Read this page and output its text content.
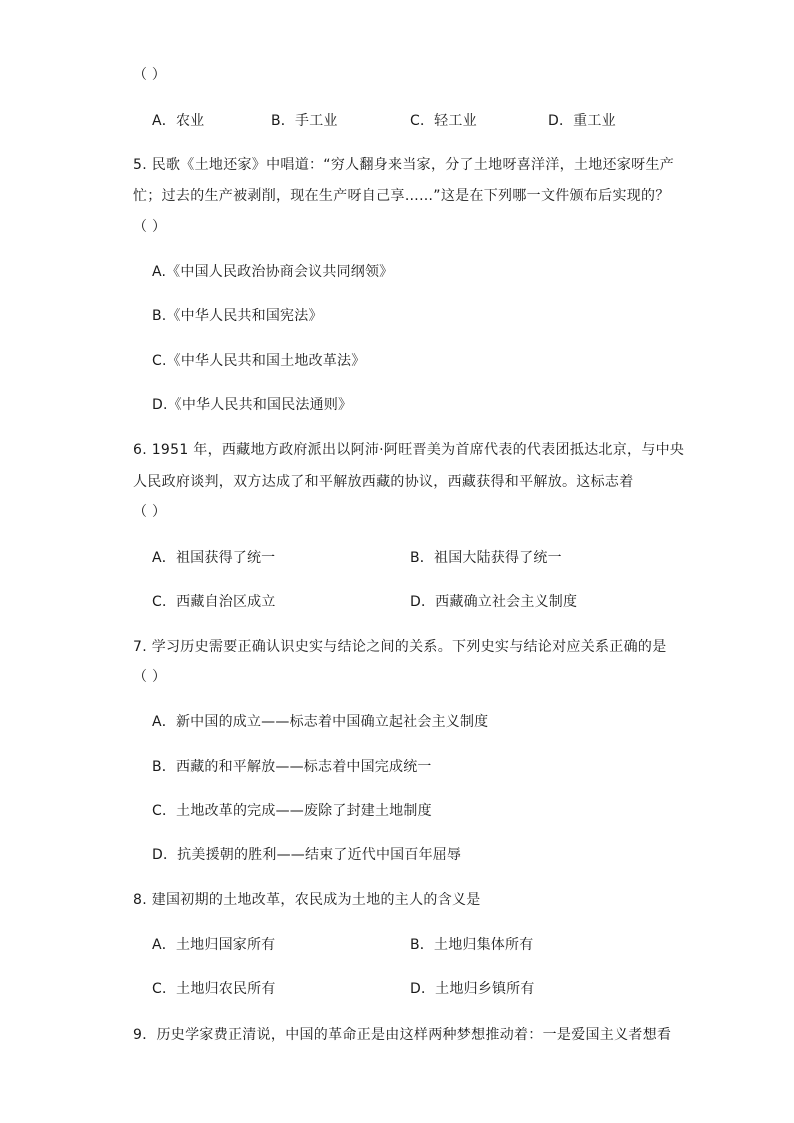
（ ）
A．农业	B．手工业	C．轻工业	D．重工业
5. 民歌《土地还家》中唱道：“穷人翻身来当家，分了土地呀喜洋洋，土地还家呀生产
忙；过去的生产被剥削，现在生产呀自己享……”这是在下列哪一文件颁布后实现的？
（ ）
A.《中国人民政治协商会议共同纲领》
B.《中华人民共和国宪法》
C.《中华人民共和国土地改革法》
D.《中华人民共和国民法通则》
6. 1951 年，西藏地方政府派出以阿沛·阿旺晋美为首席代表的代表团抵达北京，与中央
人民政府谈判，双方达成了和平解放西藏的协议，西藏获得和平解放。这标志着
（ ）
A．祖国获得了统一	B．祖国大陆获得了统一
C．西藏自治区成立	D．西藏确立社会主义制度
7. 学习历史需要正确认识史实与结论之间的关系。下列史实与结论对应关系正确的是
（ ）
A．新中国的成立——标志着中国确立起社会主义制度
B．西藏的和平解放——标志着中国完成统一
C．土地改革的完成——废除了封建土地制度
D．抗美援朝的胜利——结束了近代中国百年屈辱
8. 建国初期的土地改革，农民成为土地的主人的含义是
A．土地归国家所有	B．土地归集体所有
C．土地归农民所有	D．土地归乡镇所有
9．历史学家费正清说，中国的革命正是由这样两种梦想推动着：一是爱国主义者想看
